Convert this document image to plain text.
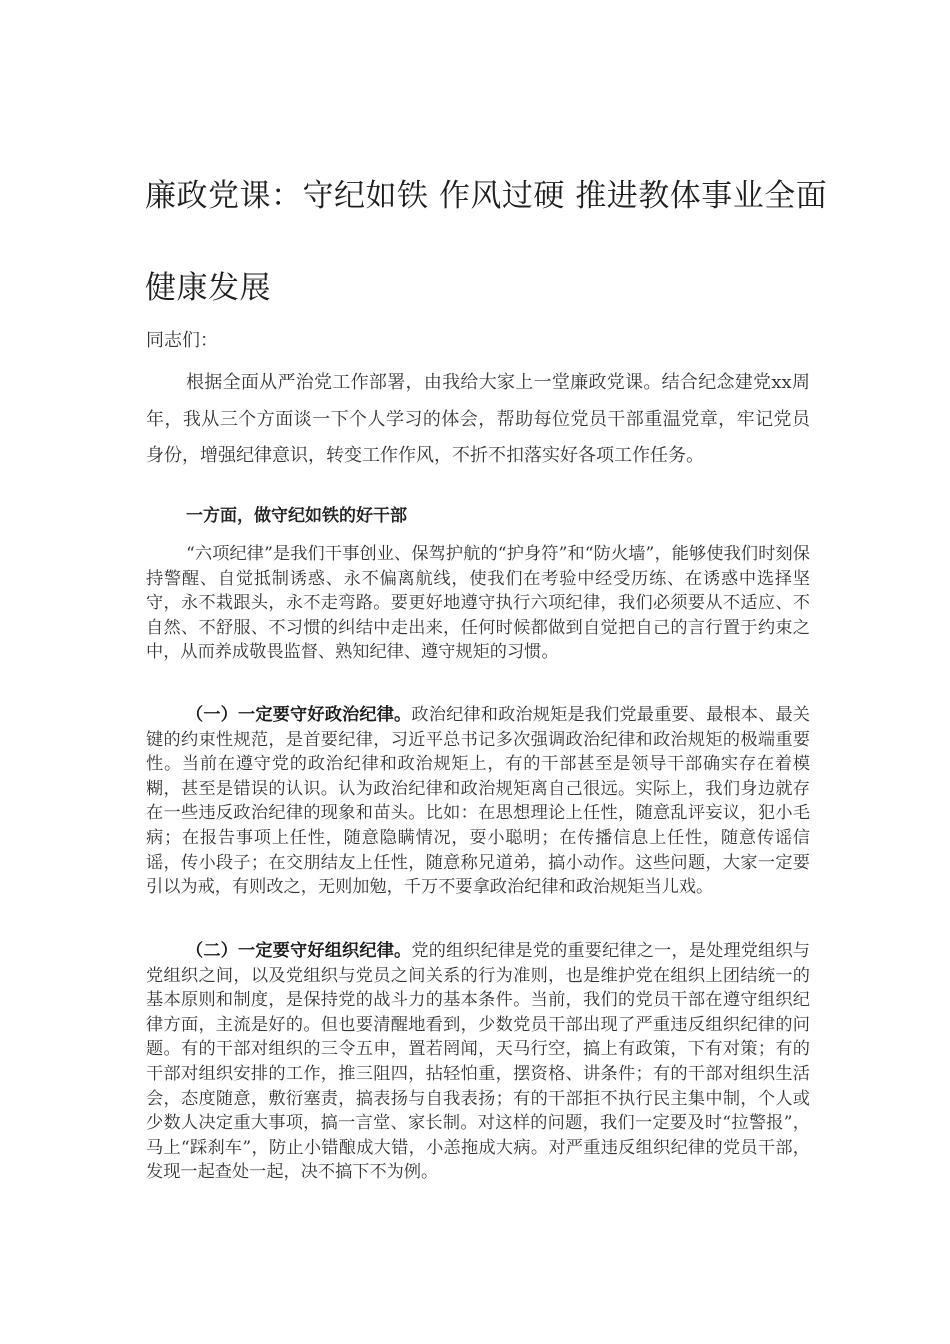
廉政党课：守纪如铁 作风过硬 推进教体事业全面健康发展

同志们：

根据全面从严治党工作部署，由我给大家上一堂廉政党课。结合纪念建党xx周年，我从三个方面谈一下个人学习的体会，帮助每位党员干部重温党章，牢记党员身份，增强纪律意识，转变工作作风，不折不扣落实好各项工作任务。

一方面，做守纪如铁的好干部

“六项纪律”是我们干事创业、保驾护航的“护身符”和“防火墙”，能够使我们时刻保持警醒、自觉抵制诱惑、永不偏离航线，使我们在考验中经受历练、在诱惑中选择坚守，永不栽跟头，永不走弯路。要更好地遵守执行六项纪律，我们必须要从不适应、不自然、不舒服、不习惯的纠结中走出来，任何时候都做到自觉把自己的言行置于约束之中，从而养成敬畏监督、熟知纪律、遵守规矩的习惯。

（一）一定要守好政治纪律。政治纪律和政治规矩是我们党最重要、最根本、最关键的约束性规范，是首要纪律，习近平总书记多次强调政治纪律和政治规矩的极端重要性。当前在遵守党的政治纪律和政治规矩上，有的干部甚至是领导干部确实存在着模糊，甚至是错误的认识。认为政治纪律和政治规矩离自己很远。实际上，我们身边就存在一些违反政治纪律的现象和苗头。比如：在思想理论上任性，随意乱评妄议，犯小毛病；在报告事项上任性，随意隐瞒情况，耍小聪明；在传播信息上任性，随意传谣信谣，传小段子；在交朋结友上任性，随意称兄道弟，搞小动作。这些问题，大家一定要引以为戒，有则改之，无则加勉，千万不要拿政治纪律和政治规矩当儿戏。

（二）一定要守好组织纪律。党的组织纪律是党的重要纪律之一，是处理党组织与党组织之间，以及党组织与党员之间关系的行为准则，也是维护党在组织上团结统一的基本原则和制度，是保持党的战斗力的基本条件。当前，我们的党员干部在遵守组织纪律方面，主流是好的。但也要清醒地看到，少数党员干部出现了严重违反组织纪律的问题。有的干部对组织的三令五申，置若罔闻，天马行空，搞上有政策，下有对策；有的干部对组织安排的工作，推三阻四，拈轻怕重，摆资格、讲条件；有的干部对组织生活会，态度随意，敷衍塞责，搞表扬与自我表扬；有的干部拒不执行民主集中制，个人或少数人决定重大事项，搞一言堂、家长制。对这样的问题，我们一定要及时“拉警报”，马上“踩刹车”，防止小错酿成大错，小恙拖成大病。对严重违反组织纪律的党员干部，发现一起查处一起，决不搞下不为例。
